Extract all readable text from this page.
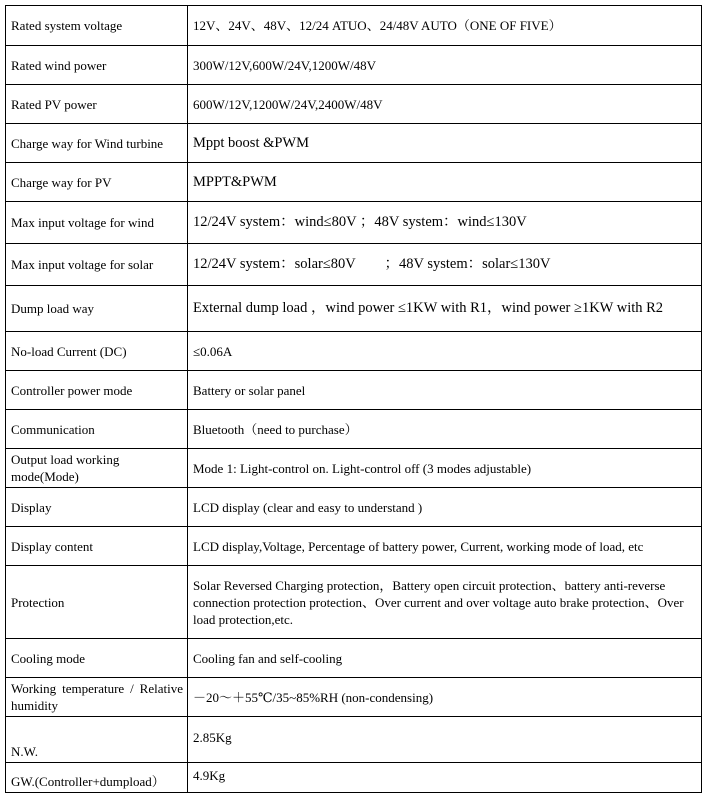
Rated system voltage	12V、24V、48V、12/24 ATUO、24/48V AUTO（ONE OF FIVE）
Rated wind power	300W/12V,600W/24V,1200W/48V
Rated PV power	600W/12V,1200W/24V,2400W/48V
Charge way for Wind turbine	Mppt boost &PWM
Charge way for PV	MPPT&PWM
Max input voltage for wind	12/24V system：wind≤80V ；48V system：wind≤130V
Max input voltage for solar	12/24V system：solar≤80V　　；48V system：solar≤130V
Dump load way	External dump load ，wind power ≤1KW with R1，wind power ≥1KW with R2
No-load Current (DC)	≤0.06A
Controller power mode	Battery or solar panel
Communication	Bluetooth（need to purchase）
Output load working mode(Mode)	Mode 1: Light-control on. Light-control off (3 modes adjustable)
Display	LCD display (clear and easy to understand )
Display content	LCD display,Voltage, Percentage of battery power, Current, working mode of load, etc
Protection	Solar Reversed Charging protection，Battery open circuit protection、battery anti-reverse connection protection protection、Over current and over voltage auto brake protection、Over load protection,etc.
Cooling mode	Cooling fan and self-cooling
Working temperature / Relative humidity	－20～＋55℃/35~85%RH (non-condensing)
N.W.	2.85Kg
GW.(Controller+dumpload）	4.9Kg
